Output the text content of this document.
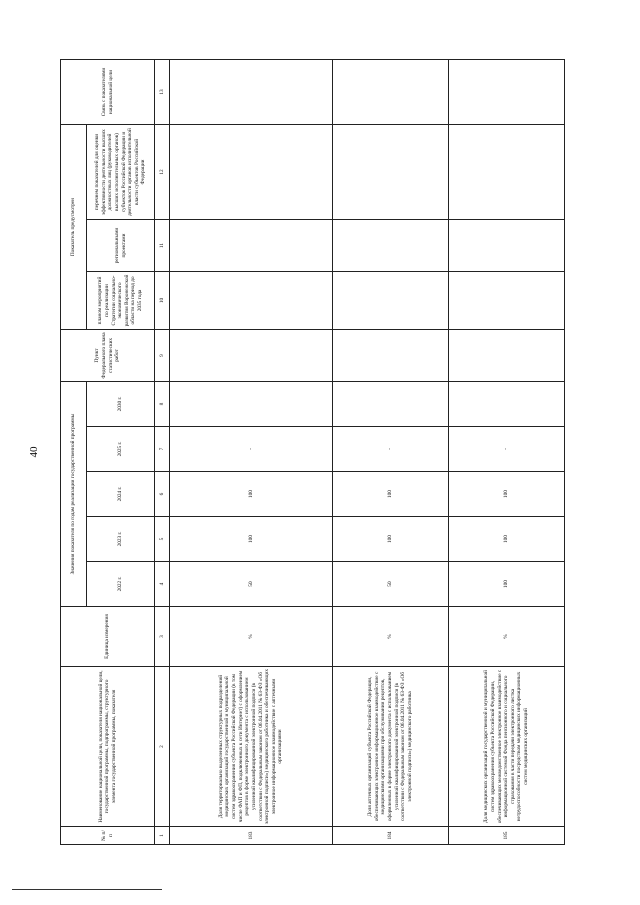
40
№ п/п	Наименование национальной цели, показателя национальной цели, государственной программы, подпрограммы, структурного элемента государственной программы, показателя	Единица измерения	Значения показателя по годам реализации государственной программы					Пункт Федерального плана статистических работ	Показатель предусмотрен			Связь с показателями национальной цели
			2022 г.	2023 г.	2024 г.	2025 г.	2030 г.		планом мероприятий по реализации Стратегии социально-экономического развития Воронежской области на период до 2035 года	региональными проектами	перечнем показателей для оценки эффективности деятельности высших должностных лиц (руководителей высших исполнительных органов) субъектов Российской Федерации и деятельности органов исполнительной власти субъектов Российской Федерации	
1	2	3	4	5	6	7	8	9	10	11	12	13
183	Доля территориально выделенных структурных подразделений медицинских организаций государственной и муниципальной систем здравоохранения субъекта Российской Федерации (в том числе ФАП и ФП, подключенных к сети Интернет) с оформлением рецептов в форме электронного документа с использованием усиленной квалифицированной электронной подписи (в соответствии с Федеральным законом от 06.04.2011 № 63-ФЗ «Об электронной подписи») медицинского работника и обеспечивающих электронное информационное взаимодействие с аптечными организациями	%	50	100	100	-						
184	Доля аптечных организаций субъекта Российской Федерации, обеспечивающих электронное информационное взаимодействие с медицинскими организациями при обслуживании рецептов, оформленных в форме электронного документа с использованием усиленной квалифицированной электронной подписи (в соответствии с Федеральным законом от 06.04.2011 № 63-ФЗ «Об электронной подписи») медицинского работника	%	50	100	100	-						
185	Доля медицинских организаций государственной и муниципальной систем здравоохранения субъекта Российской Федерации, обеспечивающих межведомственное электронное взаимодействие с информационной системой Фонда пенсионного и социального страхования в части передачи электронного листка нетрудоспособности посредством медицинских информационных систем медицинских организаций	%	100	100	100	-						
